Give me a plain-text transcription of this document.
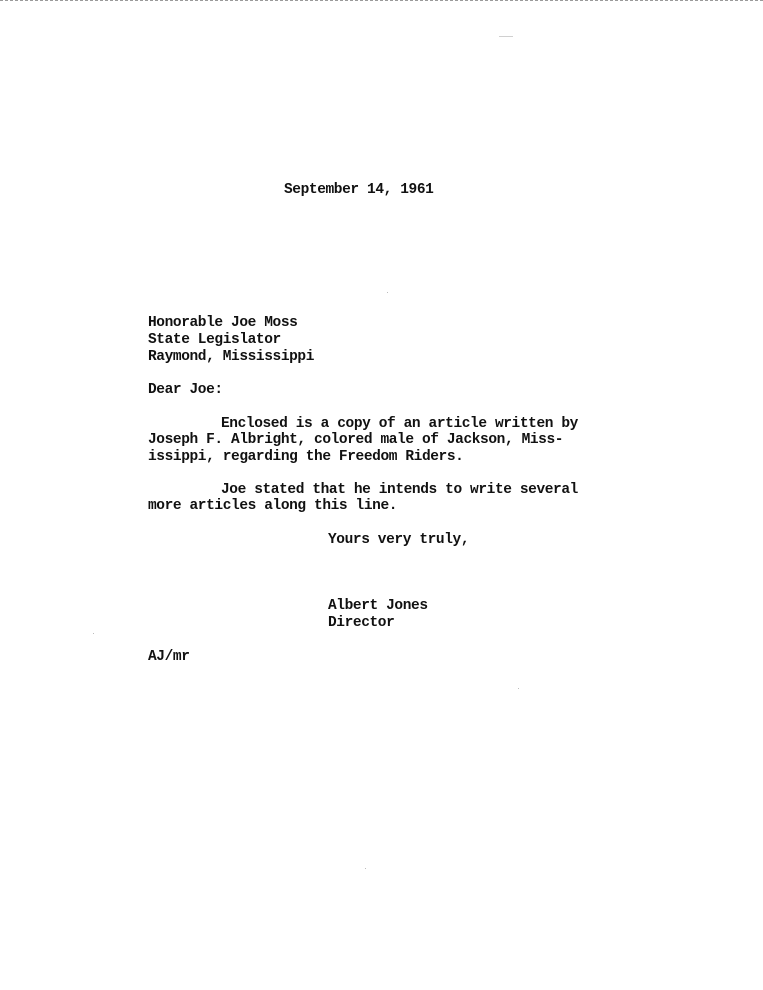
September 14, 1961
Honorable Joe Moss
State Legislator
Raymond, Mississippi
Dear Joe:
Enclosed is a copy of an article written by
Joseph F. Albright, colored male of Jackson, Miss-
issippi, regarding the Freedom Riders.
Joe stated that he intends to write several
more articles along this line.
Yours very truly,
Albert Jones
Director
AJ/mr
